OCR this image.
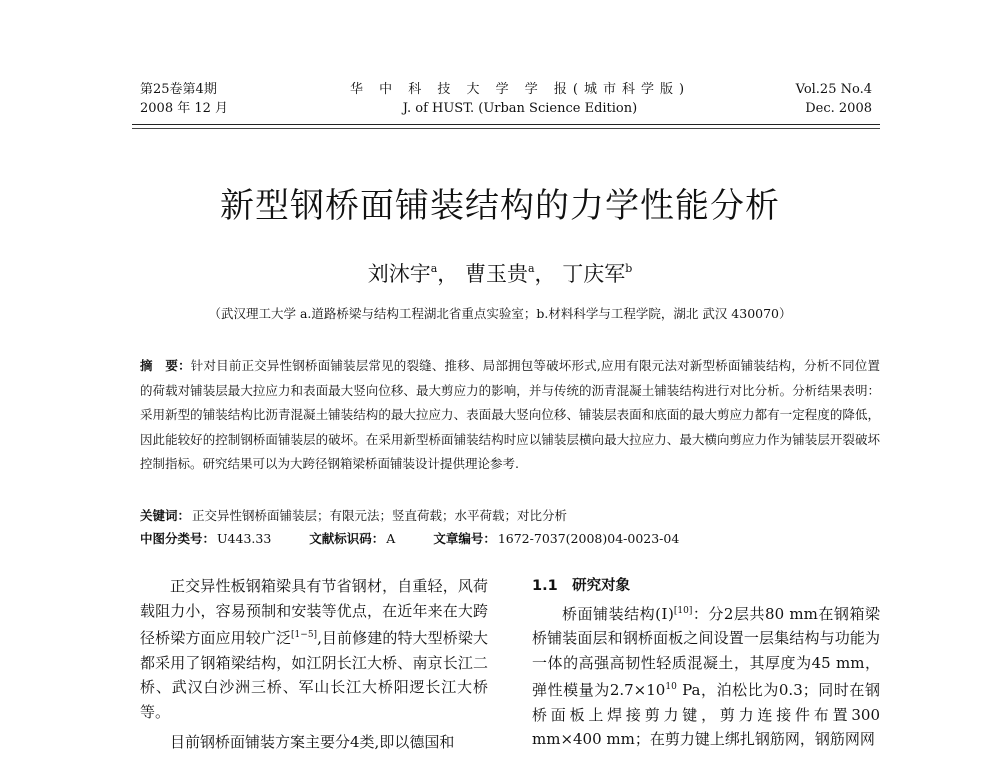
第25卷第4期
2008 年 12 月
华 中 科 技 大 学 学 报(城市科学版)
J. of HUST. (Urban Science Edition)
Vol.25 No.4
Dec. 2008
新型钢桥面铺装结构的力学性能分析
刘沐宇$^a$， 曹玉贵$^a$， 丁庆军$^b$
（武汉理工大学 a.道路桥梁与结构工程湖北省重点实验室；b.材料科学与工程学院，湖北 武汉 430070）
摘　要：针对目前正交异性钢桥面铺装层常见的裂缝、推移、局部拥包等破坏形式,应用有限元法对新型桥面铺装结构，分析不同位置的荷载对铺装层最大拉应力和表面最大竖向位移、最大剪应力的影响，并与传统的沥青混凝土铺装结构进行对比分析。分析结果表明：采用新型的铺装结构比沥青混凝土铺装结构的最大拉应力、表面最大竖向位移、铺装层表面和底面的最大剪应力都有一定程度的降低，因此能较好的控制钢桥面铺装层的破坏。在采用新型桥面铺装结构时应以铺装层横向最大拉应力、最大横向剪应力作为铺装层开裂破坏控制指标。研究结果可以为大跨径钢箱梁桥面铺装设计提供理论参考.
关键词： 正交异性钢桥面铺装层；有限元法；竖直荷载；水平荷载；对比分析
中图分类号： U443.33	文献标识码： A	文章编号： 1672-7037(2008)04-0023-04

正交异性板钢箱梁具有节省钢材，自重轻，风荷载阻力小，容易预制和安装等优点，在近年来在大跨径桥梁方面应用较广泛[1−5],目前修建的特大型桥梁大都采用了钢箱梁结构，如江阴长江大桥、南京长江二桥、武汉白沙洲三桥、军山长江大桥阳逻长江大桥等。

目前钢桥面铺装方案主要分4类,即以德国和

1.1　研究对象

桥面铺装结构(Ⅰ)[10]：分2层共80 mm在钢箱梁桥铺装面层和钢桥面板之间设置一层集结构与功能为一体的高强高韧性轻质混凝土，其厚度为45 mm，弹性模量为$2.7\times 10^{10}$ Pa，泊松比为0.3；同时在钢桥面板上焊接剪力键，剪力连接件布置300 mm×400 mm；在剪力键上绑扎钢筋网，钢筋网网
